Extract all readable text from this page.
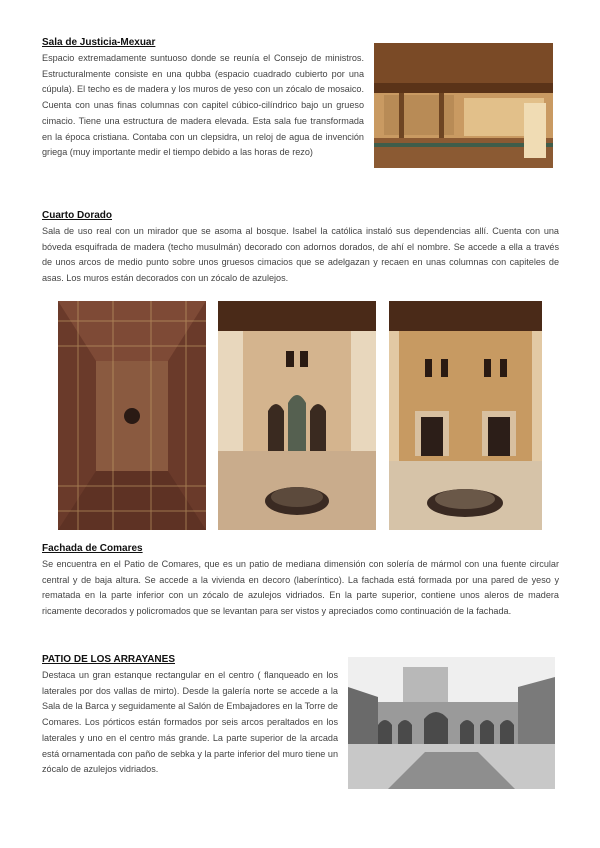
Sala de Justicia-Mexuar

Espacio extremadamente suntuoso donde se reunía el Consejo de ministros. Estructuralmente consiste en una qubba (espacio cuadrado cubierto por una cúpula). El techo es de madera y los muros de yeso con un zócalo de mosaico. Cuenta con unas finas columnas con capitel cúbico-cilíndrico bajo un grueso cimacio. Tiene una estructura de madera elevada. Esta sala fue transformada en la época cristiana. Contaba con un clepsidra, un reloj de agua de invención griega (muy importante medir el tiempo debido a las horas de rezo)

Cuarto Dorado

Sala de uso real con un mirador que se asoma al bosque. Isabel la católica instaló sus dependencias allí. Cuenta con una bóveda esquifrada de madera (techo musulmán) decorado con adornos dorados, de ahí el nombre. Se accede a ella a través de unos arcos de medio punto sobre unos gruesos cimacios que se adelgazan y recaen en unas columnas con capiteles de asas. Los muros están decorados con un zócalo de azulejos.

Fachada de Comares

Se encuentra en el Patio de Comares, que es un patio de mediana dimensión con solería de mármol con una fuente circular central y de baja altura. Se accede a la vivienda en decoro (laberíntico). La fachada está formada por una pared de yeso y rematada en la parte inferior con un zócalo de azulejos vidriados. En la parte superior, contiene unos aleros de madera ricamente decorados y policromados que se levantan para ser vistos y apreciados como continuación de la fachada.

PATIO DE LOS ARRAYANES

Destaca un gran estanque rectangular en el centro ( flanqueado en los laterales por dos vallas de mirto). Desde la galería norte se accede a la Sala de la Barca y seguidamente al Salón de Embajadores en la Torre de Comares. Los pórticos están formados por seis arcos peraltados en los laterales y uno en el centro más grande. La parte superior de la arcada está ornamentada con paño de sebka y la parte inferior del muro tiene un zócalo de azulejos vidriados.
